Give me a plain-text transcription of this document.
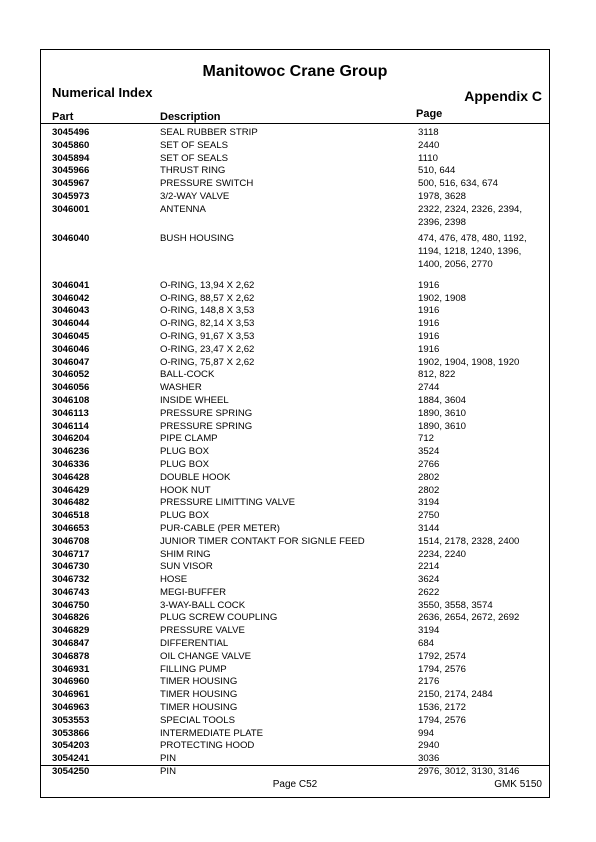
Manitowoc Crane Group
Numerical Index	Appendix C
Part	Description	Page
3045496	SEAL RUBBER STRIP	3118
3045860	SET OF SEALS	2440
3045894	SET OF SEALS	1110
3045966	THRUST RING	510, 644
3045967	PRESSURE SWITCH	500, 516, 634, 674
3045973	3/2-WAY VALVE	1978, 3628
3046001	ANTENNA	2322, 2324, 2326, 2394, 2396, 2398
3046040	BUSH HOUSING	474, 476, 478, 480, 1192, 1194, 1218, 1240, 1396, 1400, 2056, 2770
3046041	O-RING, 13,94 X 2,62	1916
3046042	O-RING, 88,57 X 2,62	1902, 1908
3046043	O-RING, 148,8 X 3,53	1916
3046044	O-RING, 82,14 X 3,53	1916
3046045	O-RING, 91,67 X 3,53	1916
3046046	O-RING, 23,47 X 2,62	1916
3046047	O-RING, 75,87 X 2,62	1902, 1904, 1908, 1920
3046052	BALL-COCK	812, 822
3046056	WASHER	2744
3046108	INSIDE WHEEL	1884, 3604
3046113	PRESSURE SPRING	1890, 3610
3046114	PRESSURE SPRING	1890, 3610
3046204	PIPE CLAMP	712
3046236	PLUG BOX	3524
3046336	PLUG BOX	2766
3046428	DOUBLE HOOK	2802
3046429	HOOK NUT	2802
3046482	PRESSURE LIMITTING VALVE	3194
3046518	PLUG BOX	2750
3046653	PUR-CABLE (PER METER)	3144
3046708	JUNIOR TIMER CONTAKT FOR SIGNLE FEED	1514, 2178, 2328, 2400
3046717	SHIM RING	2234, 2240
3046730	SUN VISOR	2214
3046732	HOSE	3624
3046743	MEGI-BUFFER	2622
3046750	3-WAY-BALL COCK	3550, 3558, 3574
3046826	PLUG SCREW COUPLING	2636, 2654, 2672, 2692
3046829	PRESSURE VALVE	3194
3046847	DIFFERENTIAL	684
3046878	OIL CHANGE VALVE	1792, 2574
3046931	FILLING PUMP	1794, 2576
3046960	TIMER HOUSING	2176
3046961	TIMER HOUSING	2150, 2174, 2484
3046963	TIMER HOUSING	1536, 2172
3053553	SPECIAL TOOLS	1794, 2576
3053866	INTERMEDIATE PLATE	994
3054203	PROTECTING HOOD	2940
3054241	PIN	3036
3054250	PIN	2976, 3012, 3130, 3146
Page C52	GMK 5150
